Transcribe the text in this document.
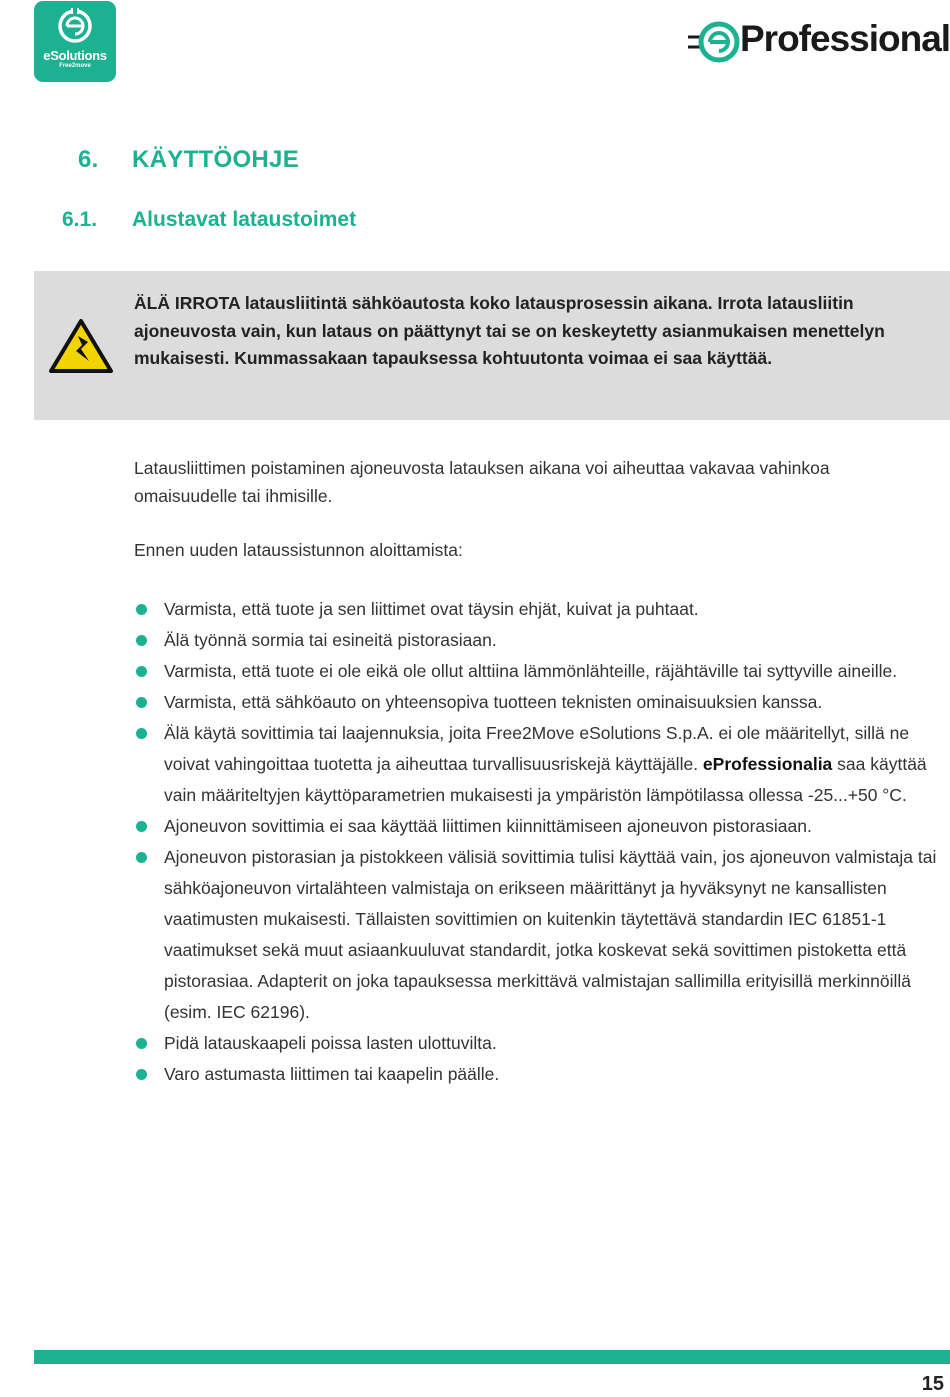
eSolutions
Free2move
Professional
6.	KÄYTTÖOHJE
6.1.	Alustavat lataustoimet
ÄLÄ IRROTA latausliitintä sähköautosta koko latausprosessin aikana. Irrota latausliitin ajoneuvosta vain, kun lataus on päättynyt tai se on keskeytetty asianmukaisen menettelyn mukaisesti. Kummassakaan tapauksessa kohtuutonta voimaa ei saa käyttää.

Latausliittimen poistaminen ajoneuvosta latauksen aikana voi aiheuttaa vakavaa vahinkoa omaisuudelle tai ihmisille.

Ennen uuden lataussistunnon aloittamista:

Varmista, että tuote ja sen liittimet ovat täysin ehjät, kuivat ja puhtaat.
Älä työnnä sormia tai esineitä pistorasiaan.
Varmista, että tuote ei ole eikä ole ollut alttiina lämmönlähteille, räjähtäville tai syttyville aineille.
Varmista, että sähköauto on yhteensopiva tuotteen teknisten ominaisuuksien kanssa.
Älä käytä sovittimia tai laajennuksia, joita Free2Move eSolutions S.p.A. ei ole määritellyt, sillä ne voivat vahingoittaa tuotetta ja aiheuttaa turvallisuusriskejä käyttäjälle. eProfessionalia saa käyttää vain määriteltyjen käyttöparametrien mukaisesti ja ympäristön lämpötilassa ollessa -25...+50 °C.
Ajoneuvon sovittimia ei saa käyttää liittimen kiinnittämiseen ajoneuvon pistorasiaan.
Ajoneuvon pistorasian ja pistokkeen välisiä sovittimia tulisi käyttää vain, jos ajoneuvon valmistaja tai sähköajoneuvon virtalähteen valmistaja on erikseen määrittänyt ja hyväksynyt ne kansallisten vaatimusten mukaisesti. Tällaisten sovittimien on kuitenkin täytettävä standardin IEC 61851-1 vaatimukset sekä muut asiaankuuluvat standardit, jotka koskevat sekä sovittimen pistoketta että pistorasiaa. Adapterit on joka tapauksessa merkittävä valmistajan sallimilla erityisillä merkinnöillä (esim. IEC 62196).
Pidä latauskaapeli poissa lasten ulottuvilta.
Varo astumasta liittimen tai kaapelin päälle.
15
